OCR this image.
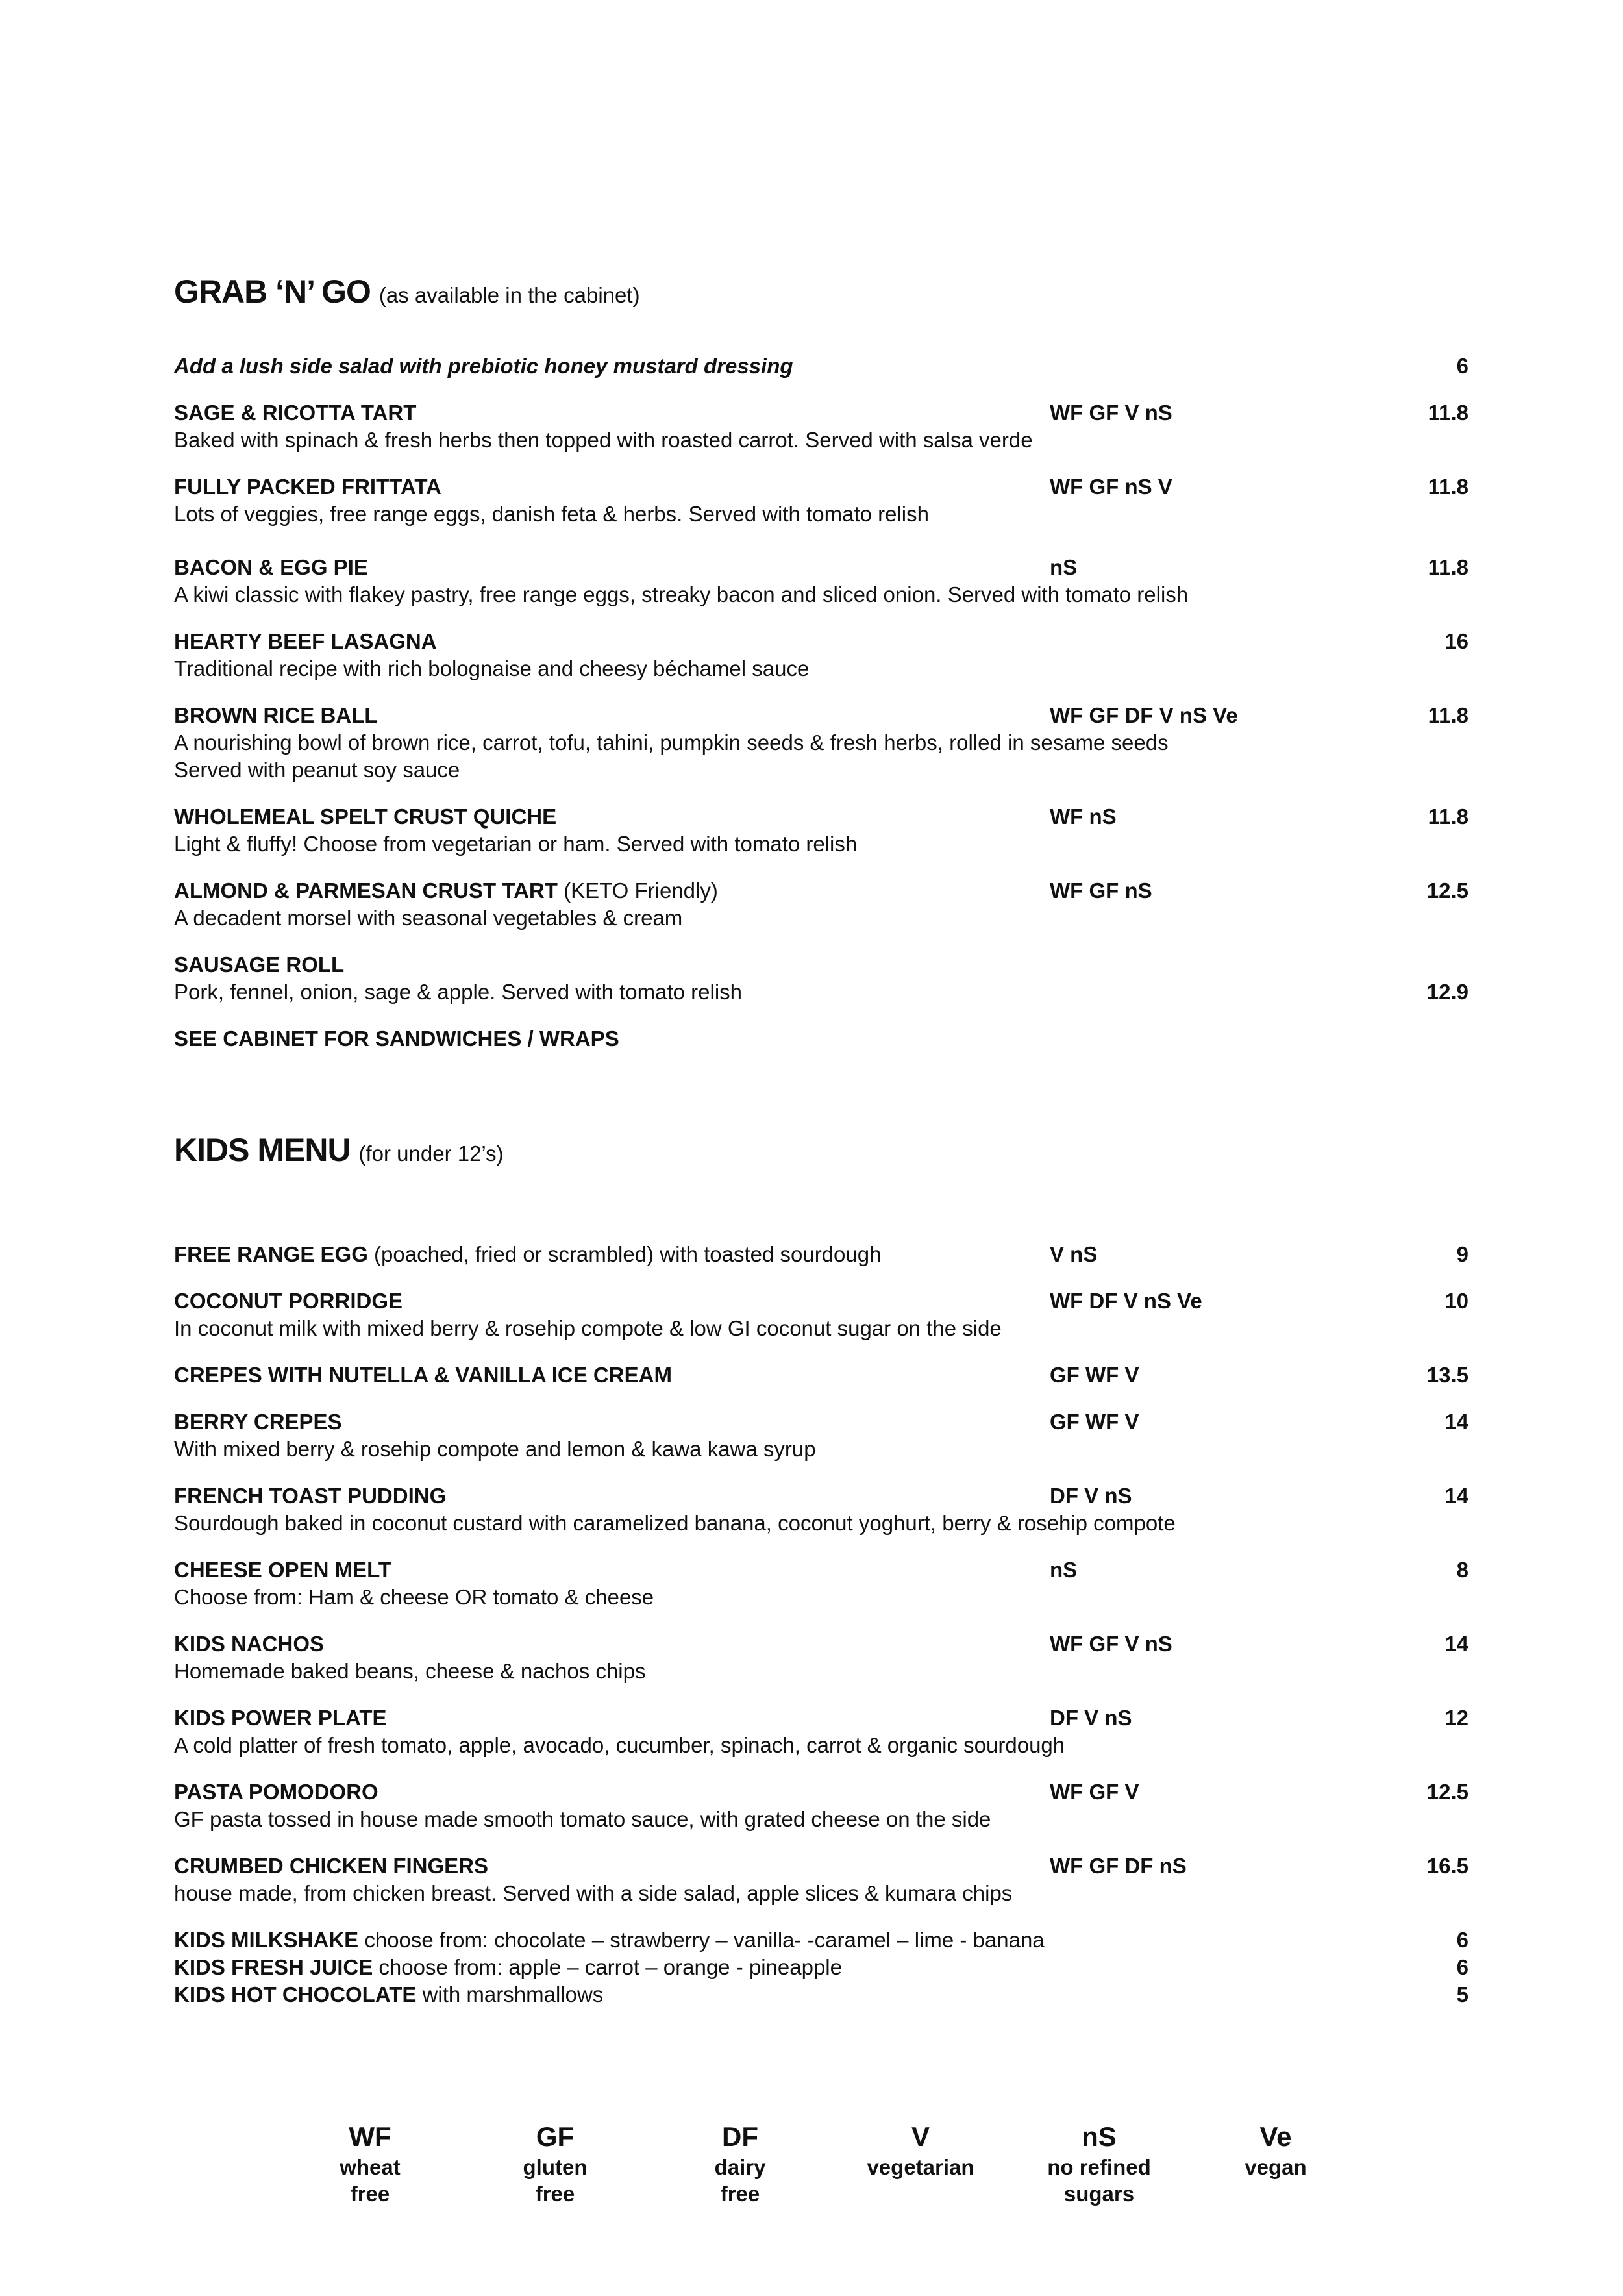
GRAB ‘N’ GO (as available in the cabinet)
Add a lush side salad with prebiotic honey mustard dressing	6
SAGE & RICOTTA TART	WF GF V nS	11.8
Baked with spinach & fresh herbs then topped with roasted carrot. Served with salsa verde
FULLY PACKED FRITTATA	WF GF nS V	11.8
Lots of veggies, free range eggs, danish feta & herbs. Served with tomato relish
BACON & EGG PIE	nS	11.8
A kiwi classic with flakey pastry, free range eggs, streaky bacon and sliced onion. Served with tomato relish
HEARTY BEEF LASAGNA	16
Traditional recipe with rich bolognaise and cheesy béchamel sauce
BROWN RICE BALL	WF GF DF V nS Ve	11.8
A nourishing bowl of brown rice, carrot, tofu, tahini, pumpkin seeds & fresh herbs, rolled in sesame seeds
Served with peanut soy sauce
WHOLEMEAL SPELT CRUST QUICHE	WF nS	11.8
Light & fluffy! Choose from vegetarian or ham. Served with tomato relish
ALMOND & PARMESAN CRUST TART (KETO Friendly)	WF GF nS	12.5
A decadent morsel with seasonal vegetables & cream
SAUSAGE ROLL
Pork, fennel, onion, sage & apple. Served with tomato relish	12.9
SEE CABINET FOR SANDWICHES / WRAPS
KIDS MENU (for under 12’s)
FREE RANGE EGG (poached, fried or scrambled) with toasted sourdough	V nS	9
COCONUT PORRIDGE	WF DF V nS Ve	10
In coconut milk with mixed berry & rosehip compote & low GI coconut sugar on the side
CREPES WITH NUTELLA & VANILLA ICE CREAM	GF WF V	13.5
BERRY CREPES	GF WF V	14
With mixed berry & rosehip compote and lemon & kawa kawa syrup
FRENCH TOAST PUDDING	DF V nS	14
Sourdough baked in coconut custard with caramelized banana, coconut yoghurt, berry & rosehip compote
CHEESE OPEN MELT	nS	8
Choose from: Ham & cheese OR tomato & cheese
KIDS NACHOS	WF GF V nS	14
Homemade baked beans, cheese & nachos chips
KIDS POWER PLATE	DF V nS	12
A cold platter of fresh tomato, apple, avocado, cucumber, spinach, carrot & organic sourdough
PASTA POMODORO	WF GF V	12.5
GF pasta tossed in house made smooth tomato sauce, with grated cheese on the side
CRUMBED CHICKEN FINGERS	WF GF DF nS	16.5
house made, from chicken breast. Served with a side salad, apple slices & kumara chips
KIDS MILKSHAKE choose from: chocolate – strawberry – vanilla- -caramel – lime - banana	6
KIDS FRESH JUICE choose from: apple – carrot – orange - pineapple	6
KIDS HOT CHOCOLATE with marshmallows	5
WF
wheat
free
GF
gluten
free
DF
dairy
free
V
vegetarian
nS
no refined
sugars
Ve
vegan
